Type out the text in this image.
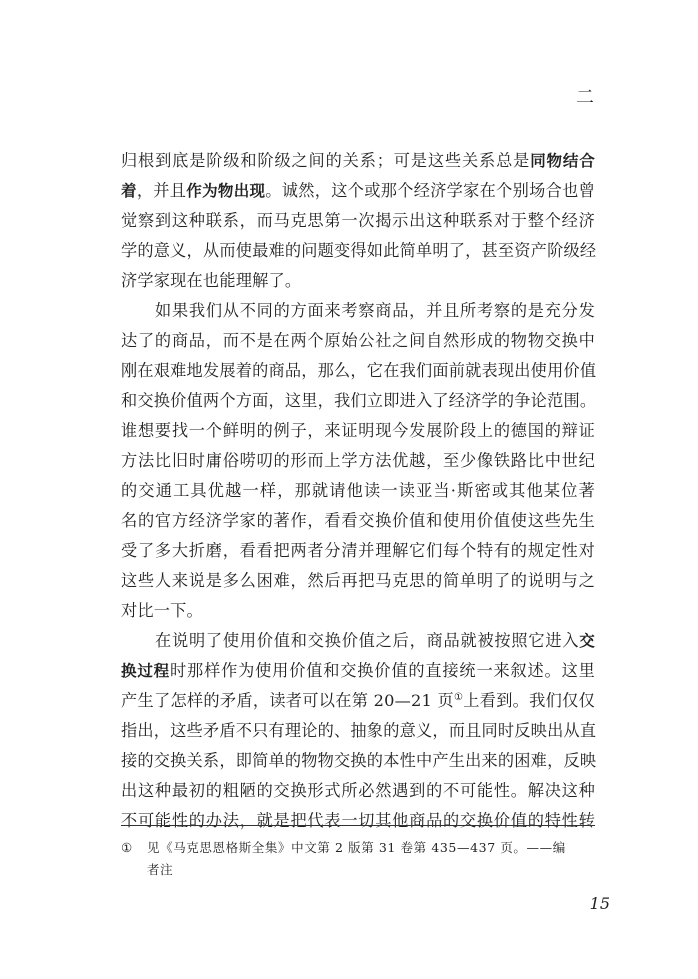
二
归根到底是阶级和阶级之间的关系；可是这些关系总是同物结合
着，并且作为物出现。诚然，这个或那个经济学家在个别场合也曾
觉察到这种联系，而马克思第一次揭示出这种联系对于整个经济
学的意义，从而使最难的问题变得如此简单明了，甚至资产阶级经
济学家现在也能理解了。
如果我们从不同的方面来考察商品，并且所考察的是充分发
达了的商品，而不是在两个原始公社之间自然形成的物物交换中
刚在艰难地发展着的商品，那么，它在我们面前就表现出使用价值
和交换价值两个方面，这里，我们立即进入了经济学的争论范围。
谁想要找一个鲜明的例子，来证明现今发展阶段上的德国的辩证
方法比旧时庸俗唠叨的形而上学方法优越，至少像铁路比中世纪
的交通工具优越一样，那就请他读一读亚当·斯密或其他某位著
名的官方经济学家的著作，看看交换价值和使用价值使这些先生
受了多大折磨，看看把两者分清并理解它们每个特有的规定性对
这些人来说是多么困难，然后再把马克思的简单明了的说明与之
对比一下。
在说明了使用价值和交换价值之后，商品就被按照它进入交
换过程时那样作为使用价值和交换价值的直接统一来叙述。这里
产生了怎样的矛盾，读者可以在第 20—21 页①上看到。我们仅仅
指出，这些矛盾不只有理论的、抽象的意义，而且同时反映出从直
接的交换关系，即简单的物物交换的本性中产生出来的困难，反映
出这种最初的粗陋的交换形式所必然遇到的不可能性。解决这种
不可能性的办法，就是把代表一切其他商品的交换价值的特性转
① 见《马克思恩格斯全集》中文第 2 版第 31 卷第 435—437 页。——编
者注
15
